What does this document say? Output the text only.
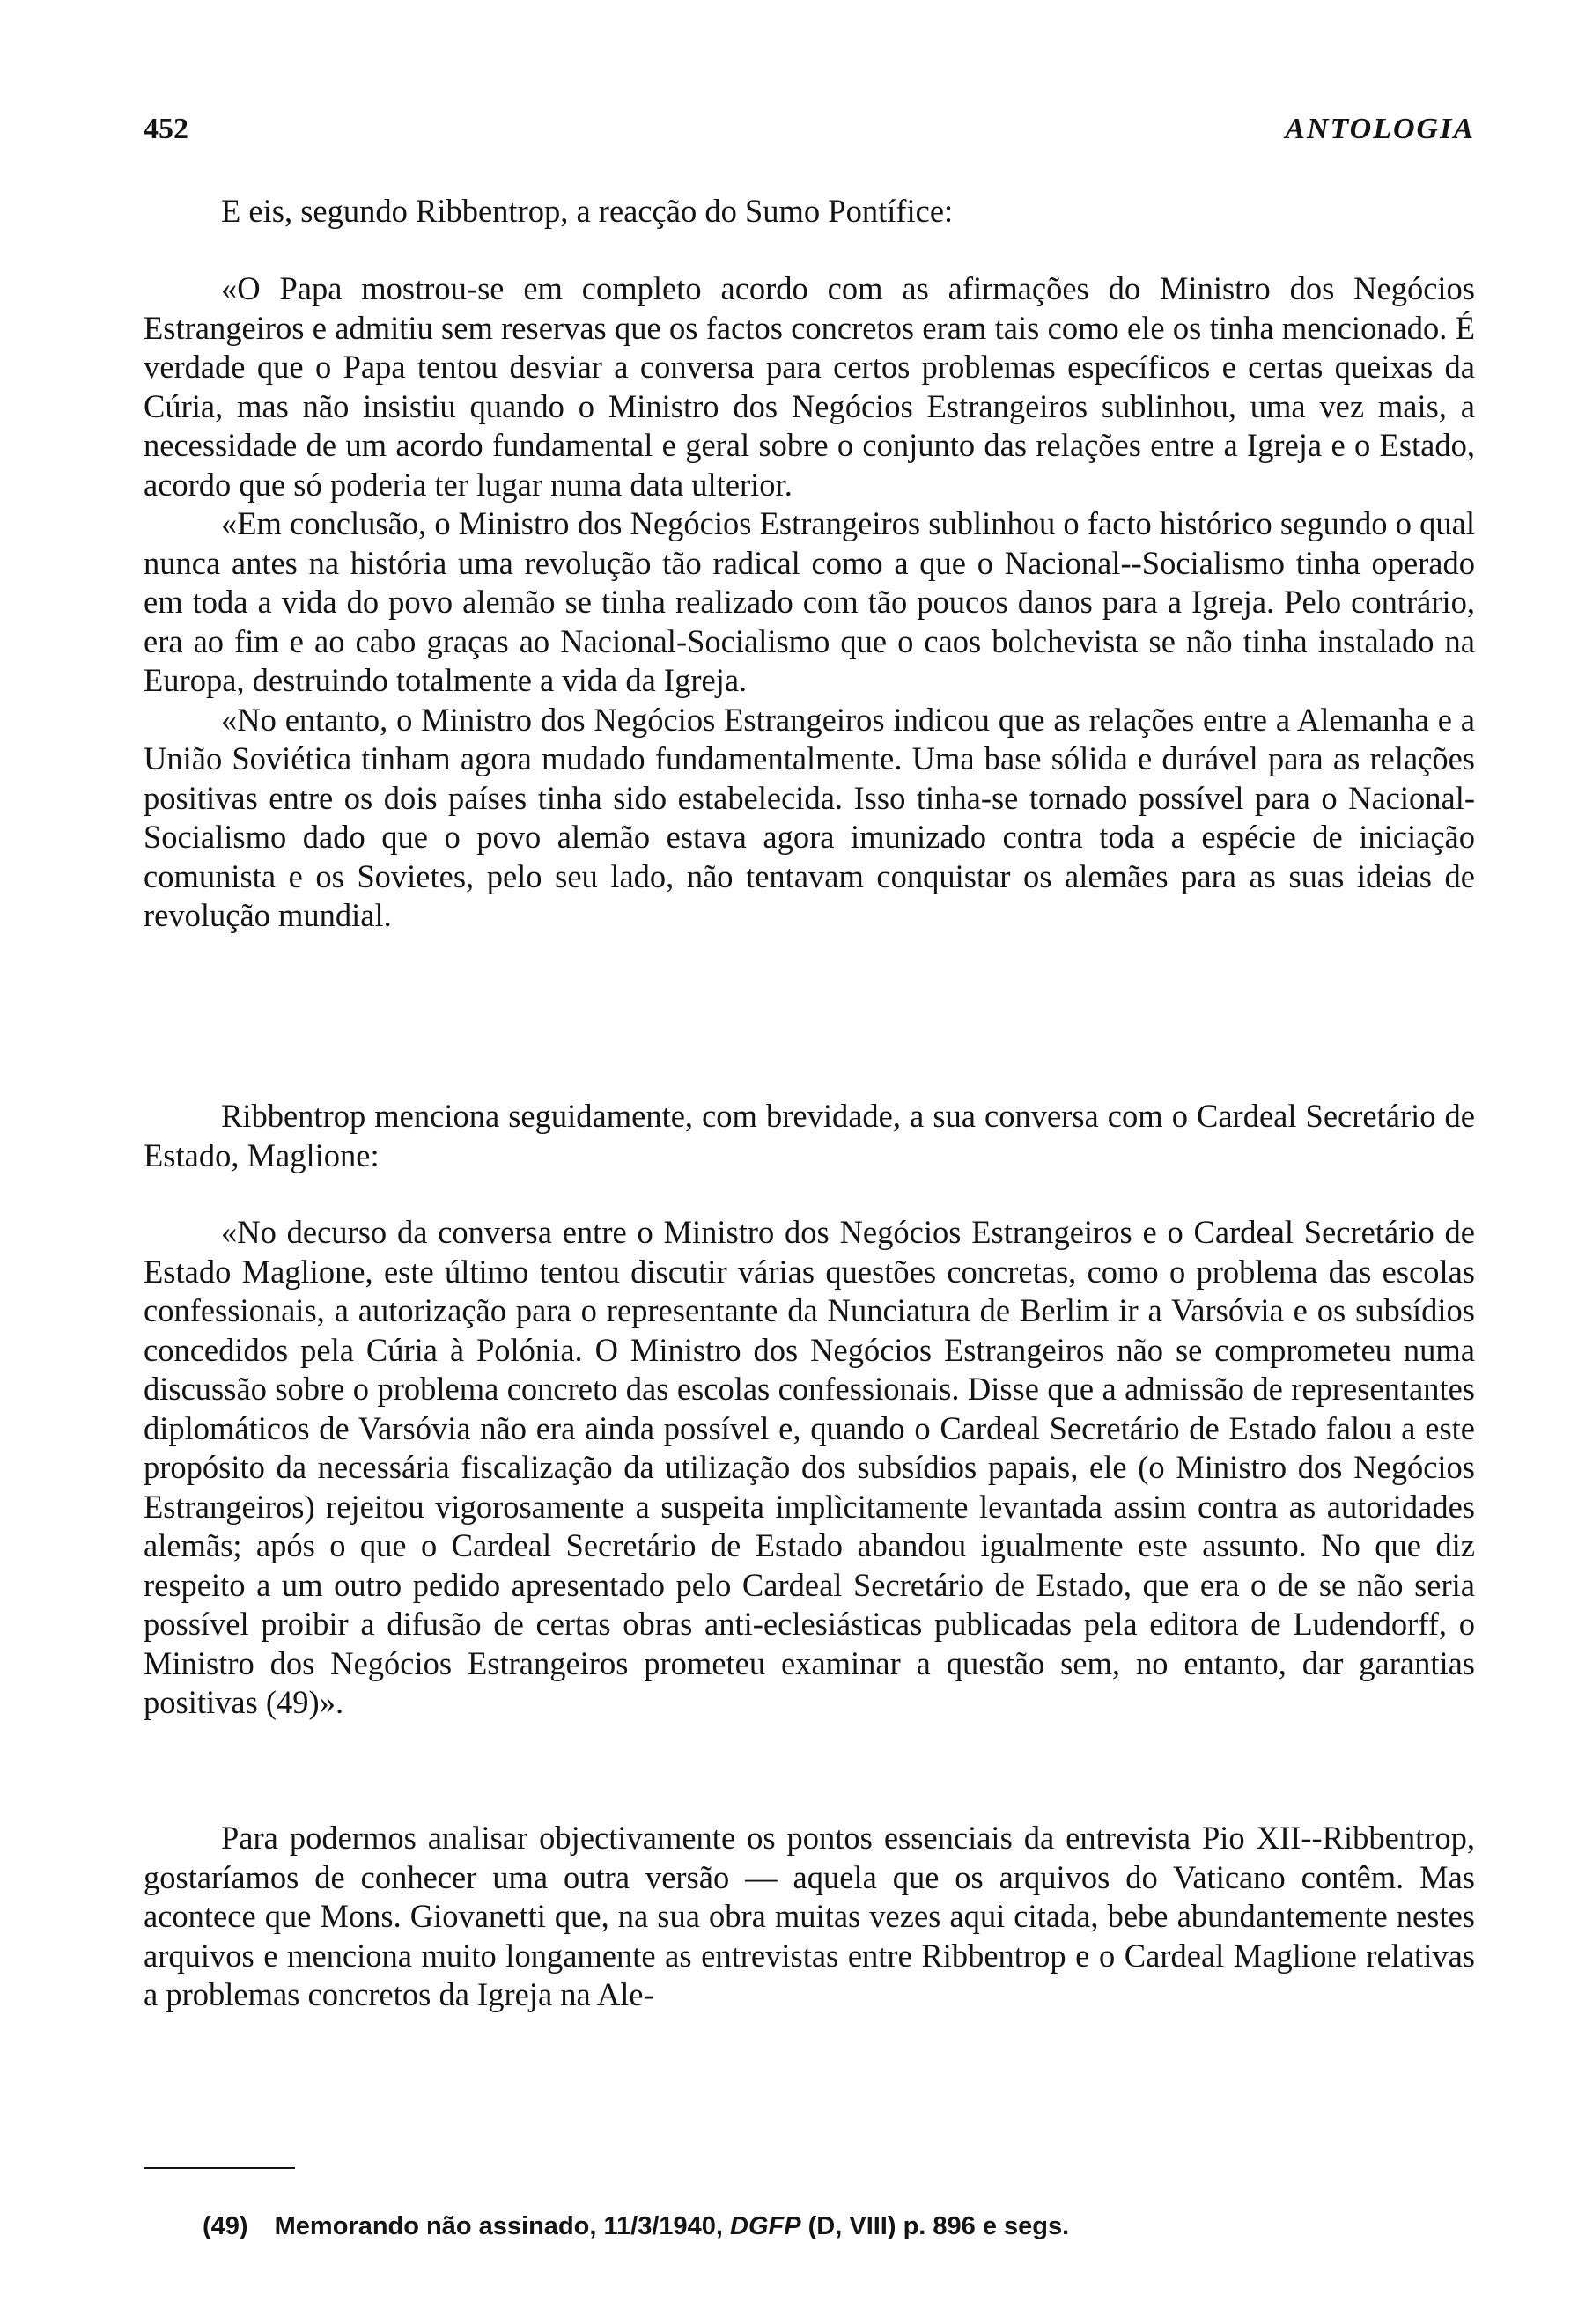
452	ANTOLOGIA

E eis, segundo Ribbentrop, a reacção do Sumo Pontífice:

«O Papa mostrou-se em completo acordo com as afirmações do Ministro dos Negócios Estrangeiros e admitiu sem reservas que os factos concretos eram tais como ele os tinha mencionado. É verdade que o Papa tentou desviar a conversa para certos problemas específicos e certas queixas da Cúria, mas não insistiu quando o Ministro dos Negócios Estrangeiros sublinhou, uma vez mais, a necessidade de um acordo fundamental e geral sobre o conjunto das relações entre a Igreja e o Estado, acordo que só poderia ter lugar numa data ulterior.

«Em conclusão, o Ministro dos Negócios Estrangeiros sublinhou o facto histórico segundo o qual nunca antes na história uma revolução tão radical como a que o Nacional--Socialismo tinha operado em toda a vida do povo alemão se tinha realizado com tão poucos danos para a Igreja. Pelo contrário, era ao fim e ao cabo graças ao Nacional-Socialismo que o caos bolchevista se não tinha instalado na Europa, destruindo totalmente a vida da Igreja.

«No entanto, o Ministro dos Negócios Estrangeiros indicou que as relações entre a Alemanha e a União Soviética tinham agora mudado fundamentalmente. Uma base sólida e durável para as relações positivas entre os dois países tinha sido estabelecida. Isso tinha-se tornado possível para o Nacional-Socialismo dado que o povo alemão estava agora imunizado contra toda a espécie de iniciação comunista e os Sovietes, pelo seu lado, não tentavam conquistar os alemães para as suas ideias de revolução mundial.

Ribbentrop menciona seguidamente, com brevidade, a sua conversa com o Cardeal Secretário de Estado, Maglione:

«No decurso da conversa entre o Ministro dos Negócios Estrangeiros e o Cardeal Secretário de Estado Maglione, este último tentou discutir várias questões concretas, como o problema das escolas confessionais, a autorização para o representante da Nunciatura de Berlim ir a Varsóvia e os subsídios concedidos pela Cúria à Polónia. O Ministro dos Negócios Estrangeiros não se comprometeu numa discussão sobre o problema concreto das escolas confessionais. Disse que a admissão de representantes diplomáticos de Varsóvia não era ainda possível e, quando o Cardeal Secretário de Estado falou a este propósito da necessária fiscalização da utilização dos subsídios papais, ele (o Ministro dos Negócios Estrangeiros) rejeitou vigorosamente a suspeita implìcitamente levantada assim contra as autoridades alemãs; após o que o Cardeal Secretário de Estado abandou igualmente este assunto. No que diz respeito a um outro pedido apresentado pelo Cardeal Secretário de Estado, que era o de se não seria possível proibir a difusão de certas obras anti-eclesiásticas publicadas pela editora de Ludendorff, o Ministro dos Negócios Estrangeiros prometeu examinar a questão sem, no entanto, dar garantias positivas (49)».

Para podermos analisar objectivamente os pontos essenciais da entrevista Pio XII--Ribbentrop, gostaríamos de conhecer uma outra versão — aquela que os arquivos do Vaticano contêm. Mas acontece que Mons. Giovanetti que, na sua obra muitas vezes aqui citada, bebe abundantemente nestes arquivos e menciona muito longamente as entrevistas entre Ribbentrop e o Cardeal Maglione relativas a problemas concretos da Igreja na Ale-

(49) Memorando não assinado, 11/3/1940, DGFP (D, VIII) p. 896 e segs.
